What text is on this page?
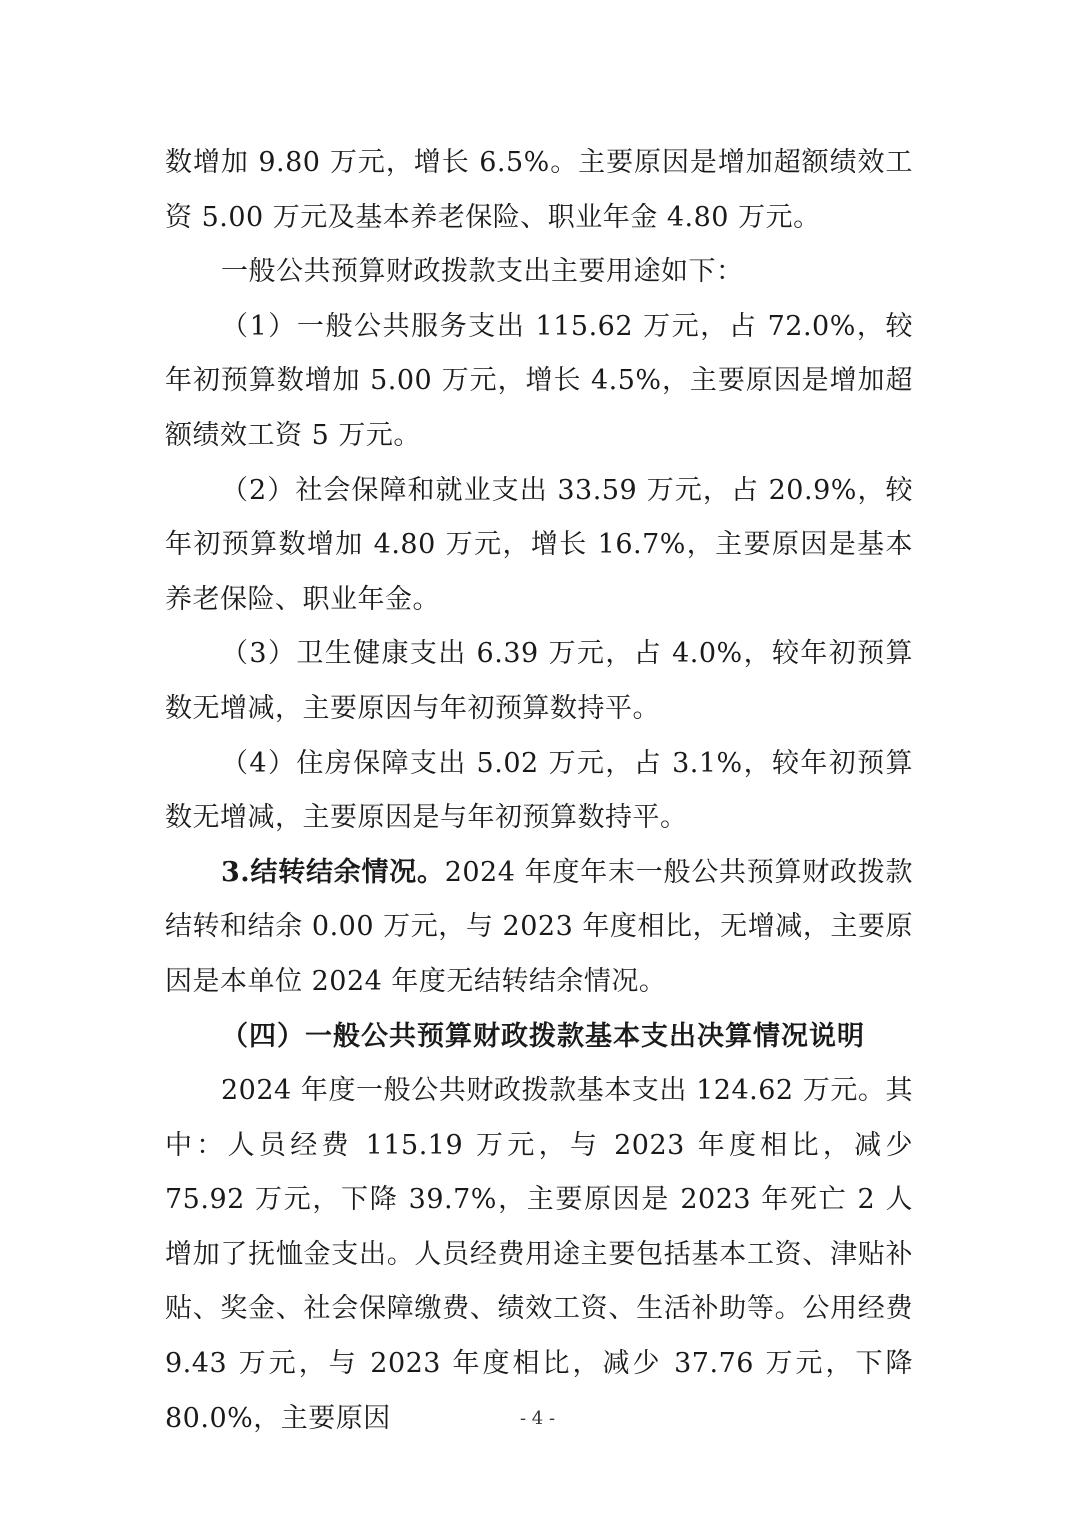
数增加 9.80 万元，增长 6.5%。主要原因是增加超额绩效工资 5.00 万元及基本养老保险、职业年金 4.80 万元。

一般公共预算财政拨款支出主要用途如下：

（1）一般公共服务支出 115.62 万元，占 72.0%，较年初预算数增加 5.00 万元，增长 4.5%，主要原因是增加超额绩效工资 5 万元。

（2）社会保障和就业支出 33.59 万元，占 20.9%，较年初预算数增加 4.80 万元，增长 16.7%，主要原因是基本养老保险、职业年金。

（3）卫生健康支出 6.39 万元，占 4.0%，较年初预算数无增减，主要原因与年初预算数持平。

（4）住房保障支出 5.02 万元，占 3.1%，较年初预算数无增减，主要原因是与年初预算数持平。

3.结转结余情况。2024 年度年末一般公共预算财政拨款结转和结余 0.00 万元，与 2023 年度相比，无增减，主要原因是本单位 2024 年度无结转结余情况。

（四）一般公共预算财政拨款基本支出决算情况说明

2024 年度一般公共财政拨款基本支出 124.62 万元。其中：人员经费 115.19 万元，与 2023 年度相比，减少 75.92 万元，下降 39.7%，主要原因是 2023 年死亡 2 人增加了抚恤金支出。人员经费用途主要包括基本工资、津贴补贴、奖金、社会保障缴费、绩效工资、生活补助等。公用经费 9.43 万元，与 2023 年度相比，减少 37.76 万元，下降 80.0%，主要原因	- 4 -
